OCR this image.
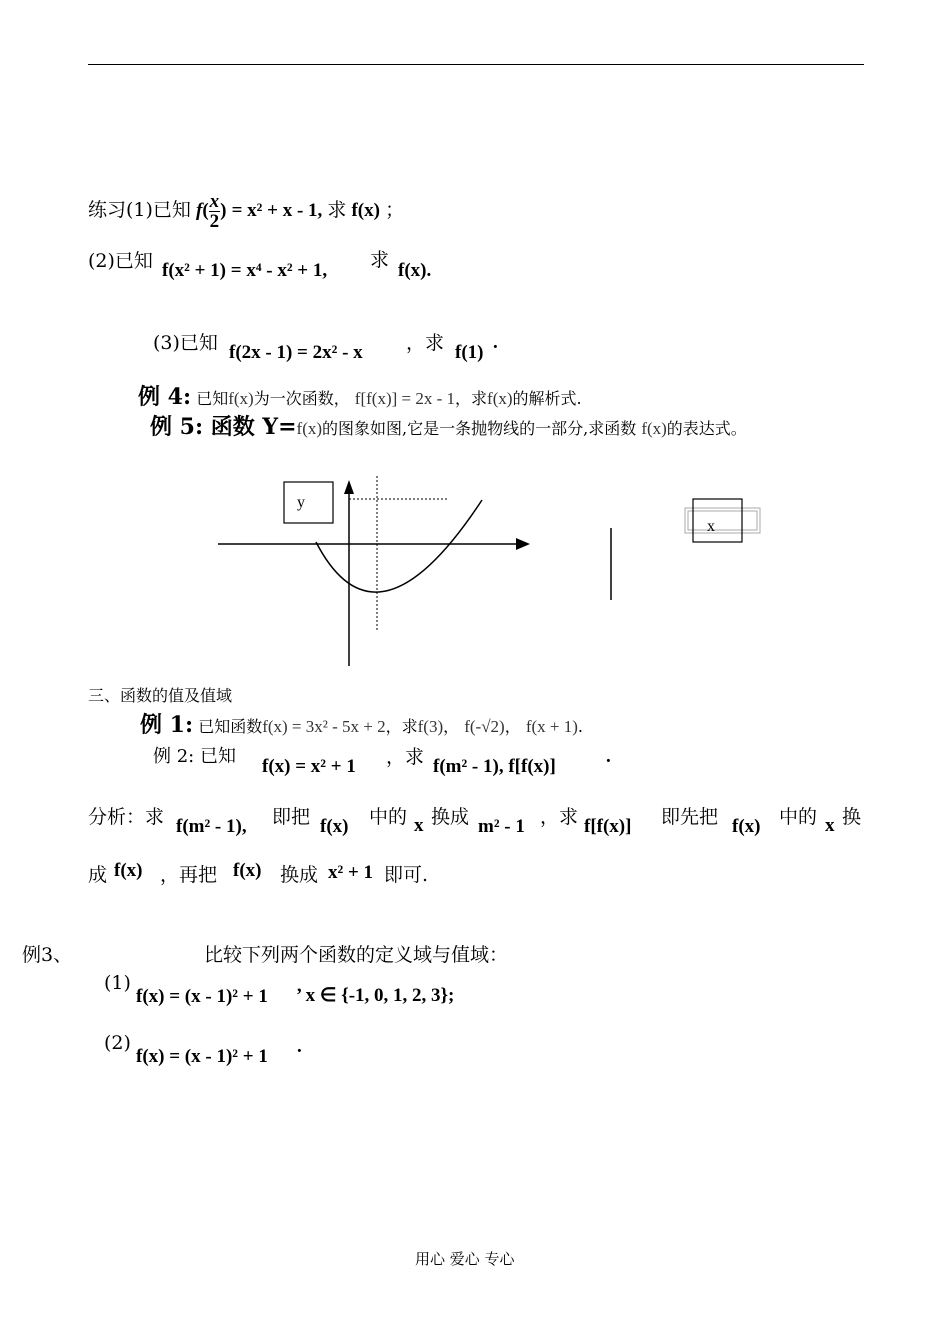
练习(1)已知 $f( \frac{x}{2}$ ) = x² + x - 1, 求 f(x) ；
(2)已知 f(x² + 1) = x⁴ - x² + 1, 求 f(x).
(3)已知 f(2x - 1) = 2x² - x ，求 f(1) .
例 4: 已知f(x)为一次函数， f[f(x)] = 2x - 1，求f(x)的解析式.
例 5: 函数 Y=f(x)的图象如图,它是一条抛物线的一部分,求函数 f(x)的表达式。
y
x
三、函数的值及值域
例 1: 已知函数f(x) = 3x² - 5x + 2，求f(3)， f(-√2)， f(x + 1).
例 2: 已知 f(x) = x² + 1 ，求 f(m² - 1), f[f(x)]	.
分析：求 f(m² - 1), 即把 f(x) 中的 x 换成 m² - 1 ，求 f[f(x)] 即先把 f(x) 中的 x 换
成 f(x) ，再把 f(x) 换成 x² + 1 即可.
例3、	比较下列两个函数的定义域与值域：
(1)
f(x) = (x - 1)² + 1 ’ x ∈ {-1, 0, 1, 2, 3};
(2)
f(x) = (x - 1)² + 1 .
用心 爱心 专心
